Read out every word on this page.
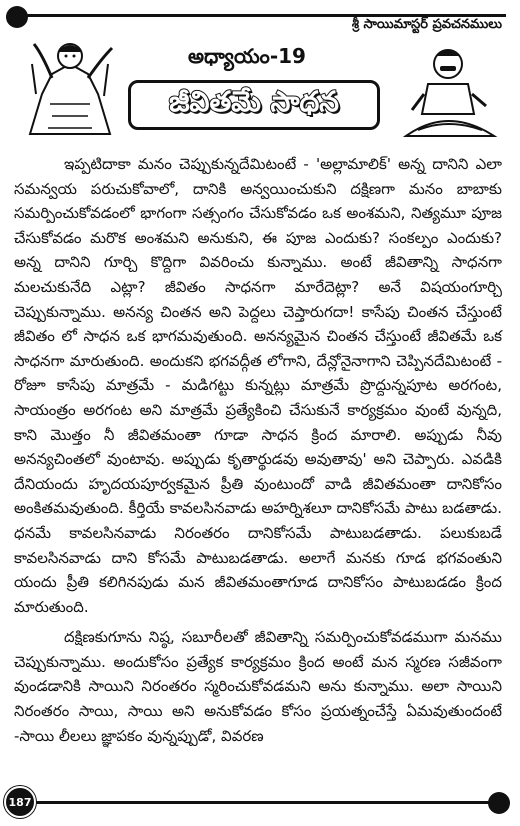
శ్రీ సాయిమాస్టర్ ప్రవచనములు
అధ్యాయం-19
జీవితమే సాధన

ఇప్పటిదాకా మనం చెప్పుకున్నదేమిటంటే - 'అల్లామాలిక్' అన్న దానిని ఎలా సమన్వయ పరుచుకోవాలో, దానికి అన్వయించుకుని దక్షిణగా మనం బాబాకు సమర్పించుకోవడంలో భాగంగా సత్సంగం చేసుకోవడం ఒక అంశమని, నిత్యమూ పూజ చేసుకోవడం మరొక అంశమని అనుకుని, ఈ పూజ ఎందుకు? సంకల్పం ఎందుకు? అన్న దానిని గూర్చి కొద్దిగా వివరించు కున్నాము. అంటే జీవితాన్ని సాధనగా మలచుకునేది ఎట్లా? జీవితం సాధనగా మారేదెట్లా? అనే విషయంగూర్చి చెప్పుకున్నాము. అనన్య చింతన అని పెద్దలు చెప్తారుగదా! కాసేపు చింతన చేస్తుంటే జీవితం లో సాధన ఒక భాగమవుతుంది. అనన్యమైన చింతన చేస్తుంటే జీవితమే ఒక సాధనగా మారుతుంది. అందుకని భగవద్గీత లోగాని, దేన్లోనైనాగాని చెప్పినదేమిటంటే - రోజూ కాసేపు మాత్రమే - మడిగట్టు కున్నట్లు మాత్రమే ప్రొద్దున్నపూట అరగంట, సాయంత్రం అరగంట అని మాత్రమే ప్రత్యేకించి చేసుకునే కార్యక్రమం వుంటే వున్నది, కాని మొత్తం నీ జీవితమంతా గూడా సాధన క్రింద మారాలి. అప్పుడు నీవు అనన్యచింతలో వుంటావు. అప్పుడు కృతార్థుడవు అవుతావు' అని చెప్పారు. ఎవడికి దేనియందు హృదయపూర్వకమైన ప్రీతి వుంటుందో వాడి జీవితమంతా దానికోసం అంకితమవుతుంది. కీర్తియే కావలసినవాడు అహర్నిశలూ దానికోసమే పాటు బడతాడు. ధనమే కావలసినవాడు నిరంతరం దానికోసమే పాటుబడతాడు. పలుకుబడే కావలసినవాడు దాని కోసమే పాటుబడతాడు. అలాగే మనకు గూడ భగవంతుని యందు ప్రీతి కలిగినపుడు మన జీవితమంతాగూడ దానికోసం పాటుబడడం క్రింద మారుతుంది.

దక్షిణకుగూను నిష్ఠ, సబూరీలతో జీవితాన్ని సమర్పించుకోవడముగా మనము చెప్పుకున్నాము. అందుకోసం ప్రత్యేక కార్యక్రమం క్రింద అంటే మన స్మరణ సజీవంగా వుండడానికి సాయిని నిరంతరం స్మరించుకోవడమని అను కున్నాము. అలా సాయిని నిరంతరం సాయి, సాయి అని అనుకోవడం కోసం ప్రయత్నంచేస్తే ఏమవుతుందంటే -సాయి లీలలు జ్ఞాపకం వున్నప్పుడో, వివరణ

187
